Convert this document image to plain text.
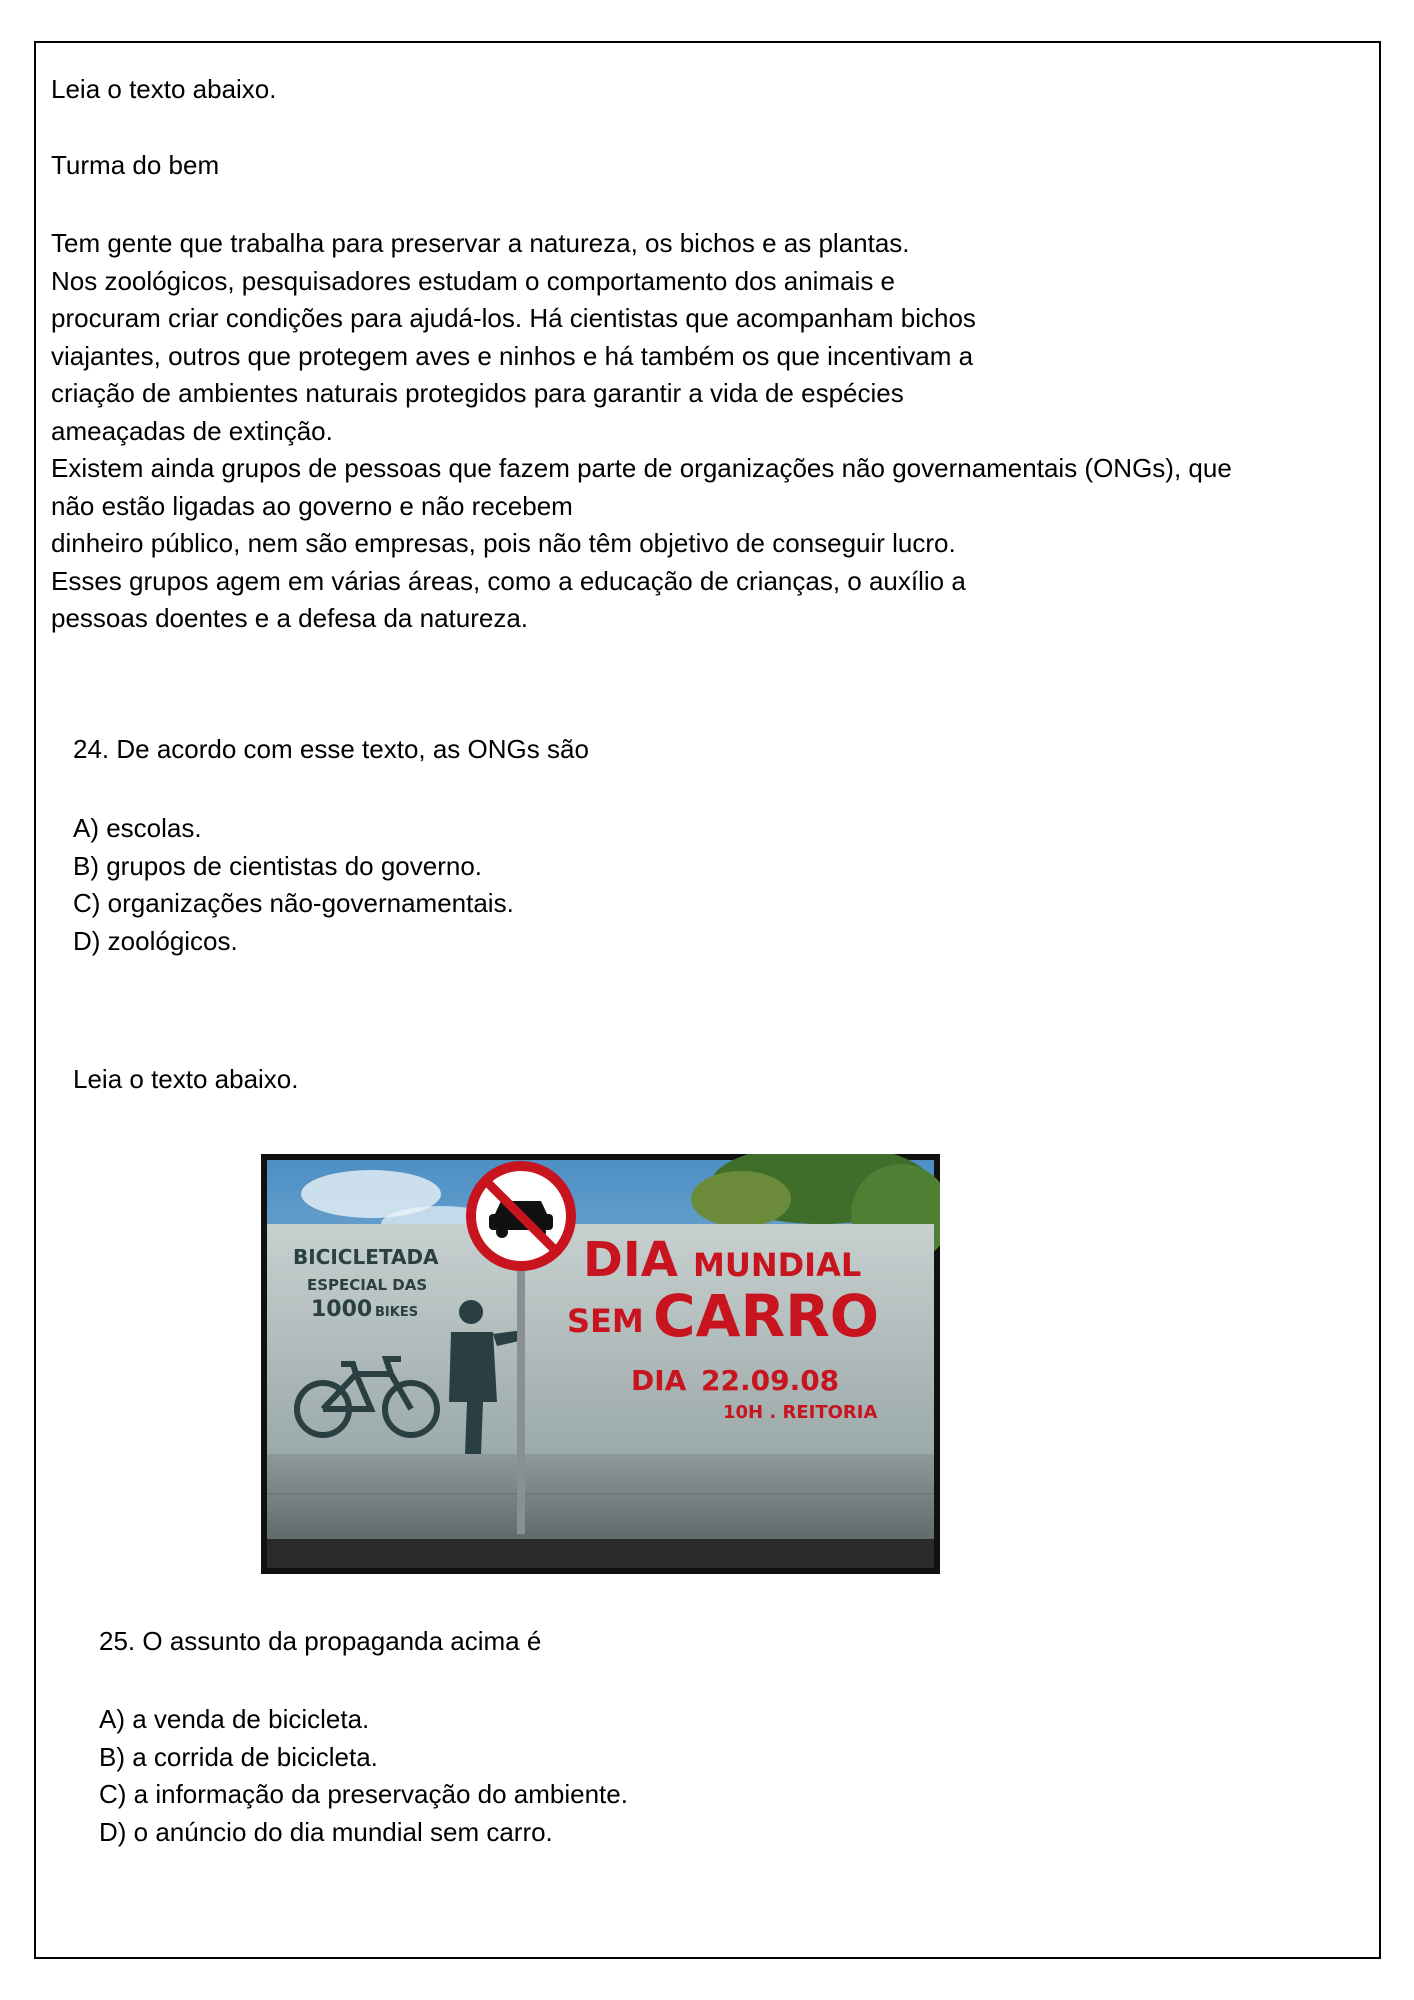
Leia o texto abaixo.
Turma do bem
Tem gente que trabalha para preservar a natureza, os bichos e as plantas.
Nos zoológicos, pesquisadores estudam o comportamento dos animais e
procuram criar condições para ajudá-los. Há cientistas que acompanham bichos
viajantes, outros que protegem aves e ninhos e há também os que incentivam a
criação de ambientes naturais protegidos para garantir a vida de espécies
ameaçadas de extinção.
Existem ainda grupos de pessoas que fazem parte de organizações não governamentais (ONGs), que
não estão ligadas ao governo e não recebem
dinheiro público, nem são empresas, pois não têm objetivo de conseguir lucro.
Esses grupos agem em várias áreas, como a educação de crianças, o auxílio a
pessoas doentes e a defesa da natureza.
24. De acordo com esse texto, as ONGs são
A) escolas.
B) grupos de cientistas do governo.
C) organizações não-governamentais.
D) zoológicos.
Leia o texto abaixo.
BICICLETADA
ESPECIAL DAS
1000 BIKES
DIA MUNDIAL
SEM CARRO
DIA 22.09.08
10H . REITORIA
25. O assunto da propaganda acima é
A) a venda de bicicleta.
B) a corrida de bicicleta.
C) a informação da preservação do ambiente.
D) o anúncio do dia mundial sem carro.
